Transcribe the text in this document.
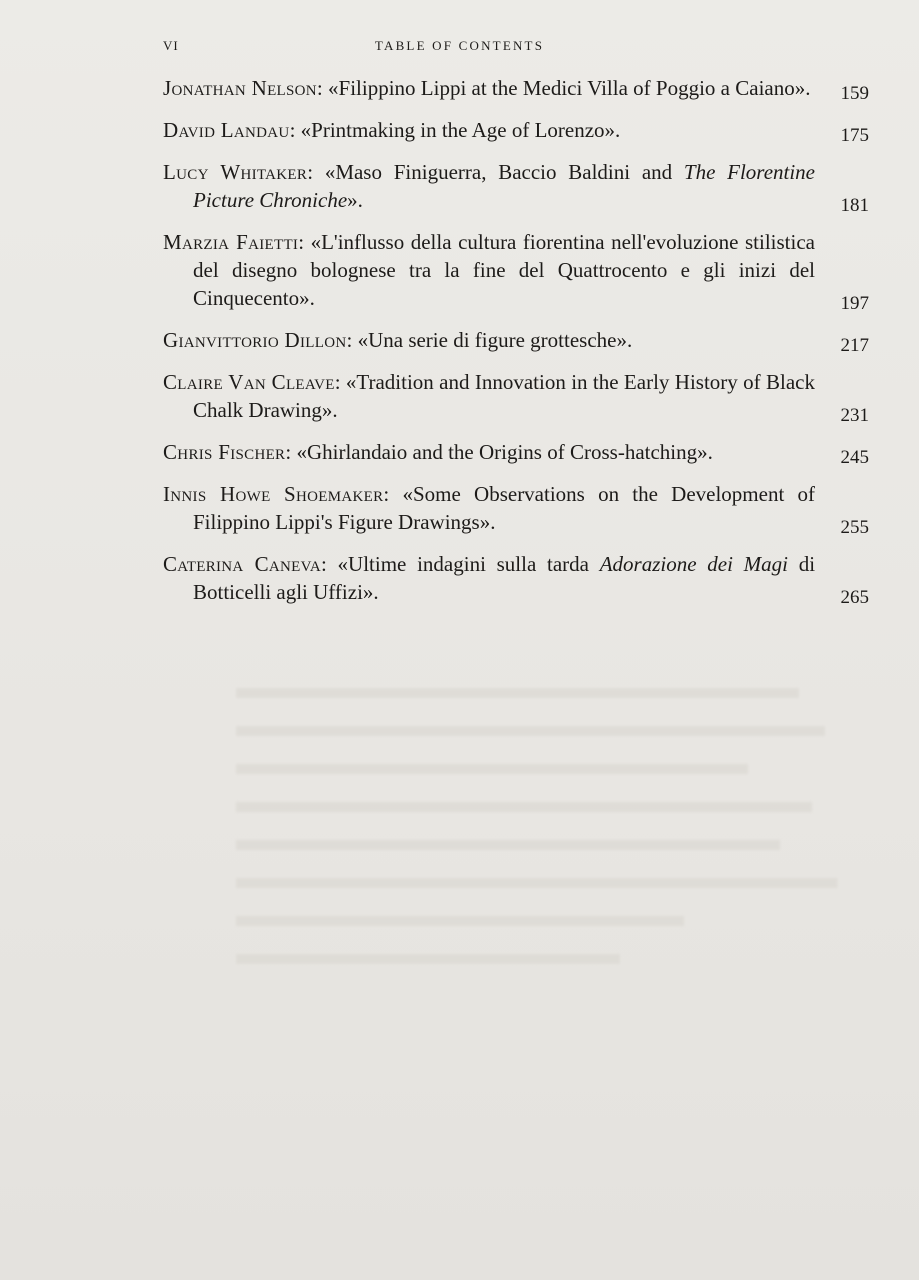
VI	TABLE OF CONTENTS
Jonathan Nelson: «Filippino Lippi at the Medici Villa of Poggio a Caiano». 159
David Landau: «Printmaking in the Age of Lorenzo».	175
Lucy Whitaker: «Maso Finiguerra, Baccio Baldini and The Florentine Picture Chroniche».	181
Marzia Faietti: «L'influsso della cultura fiorentina nell'evoluzione stilistica del disegno bolognese tra la fine del Quattrocento e gli inizi del Cinquecento».	197
Gianvittorio Dillon: «Una serie di figure grottesche».	217
Claire Van Cleave: «Tradition and Innovation in the Early History of Black Chalk Drawing».	231
Chris Fischer: «Ghirlandaio and the Origins of Cross-hatching».	245
Innis Howe Shoemaker: «Some Observations on the Development of Filippino Lippi's Figure Drawings».	255
Caterina Caneva: «Ultime indagini sulla tarda Adorazione dei Magi di Botticelli agli Uffizi».	265
